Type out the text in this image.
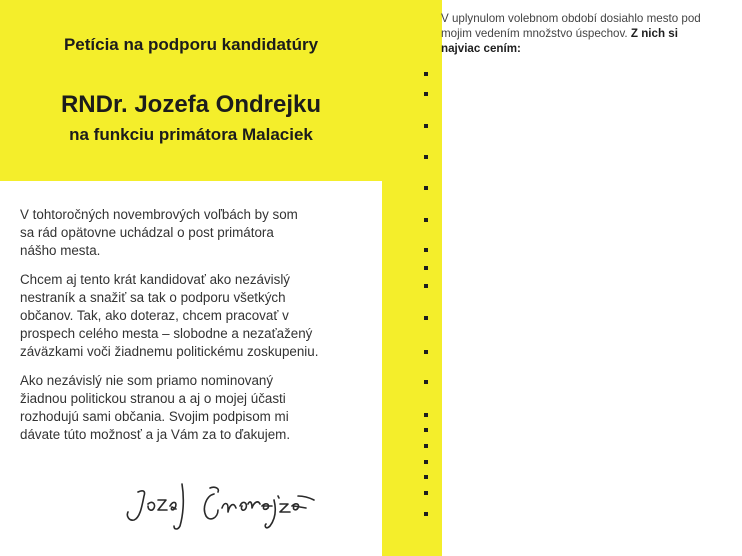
Petícia na podporu kandidatúry
RNDr. Jozefa Ondrejku
na funkciu primátora Malaciek

V tohtoročných novembrových voľbách by som sa rád opätovne uchádzal o post primátora nášho mesta.

Chcem aj tento krát kandidovať ako nezávislý nestraník a snažiť sa tak o podporu všetkých občanov. Tak, ako doteraz, chcem pracovať v prospech celého mesta – slobodne a nezaťažený záväzkami voči žiadnemu politickému zoskupeniu.

Ako nezávislý nie som priamo nominovaný žiadnou politickou stranou a aj o mojej účasti rozhodujú sami občania. Svojim podpisom mi dávate túto možnosť a ja Vám za to ďakujem.

V uplynulom volebnom období dosiahlo mesto pod mojim vedením množstvo úspechov. Z nich si najviac cením:
